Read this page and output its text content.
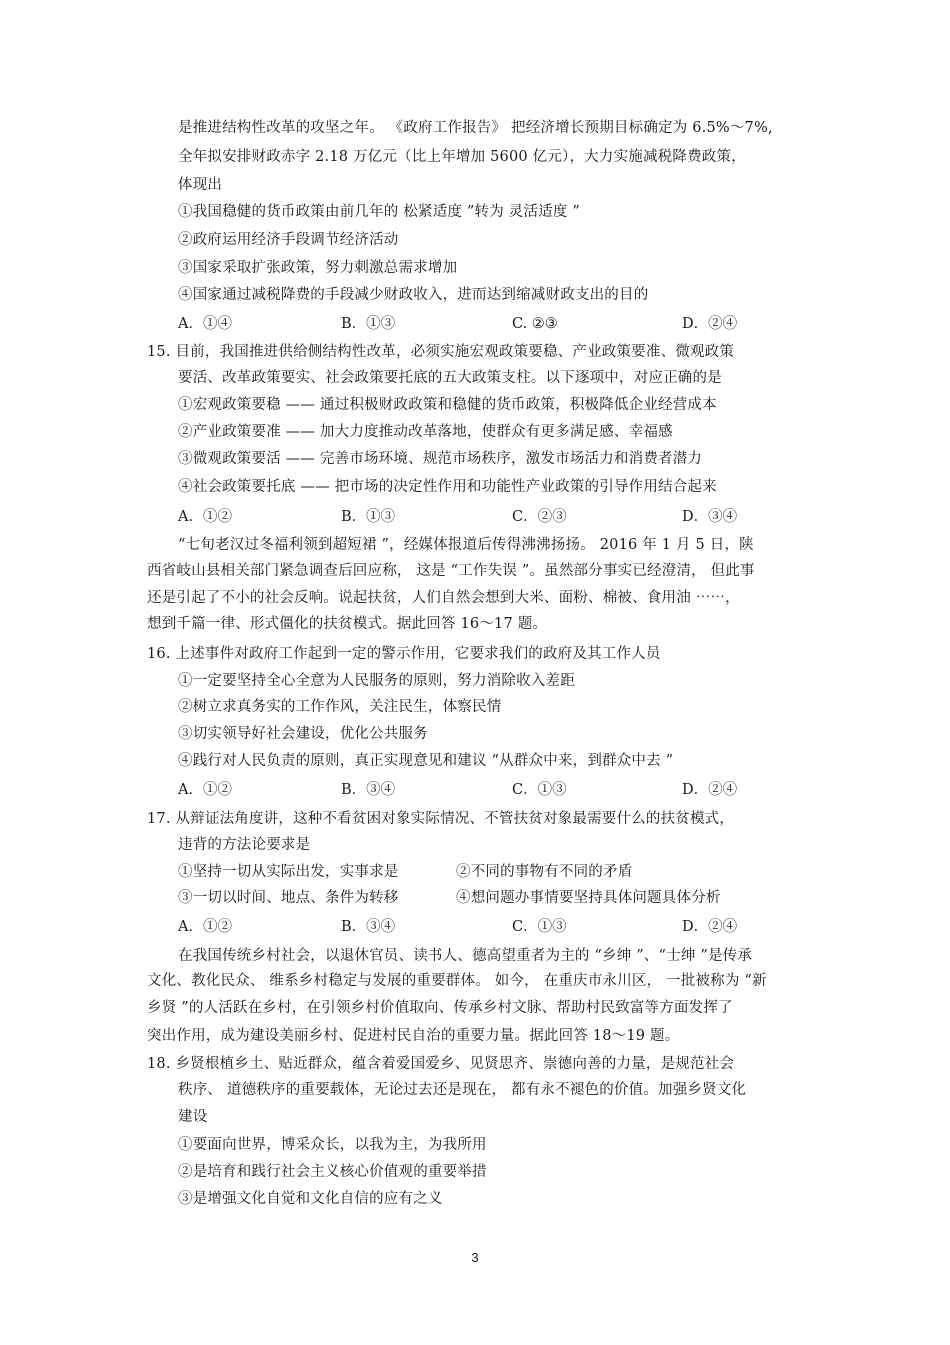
是推进结构性改革的攻坚之年。 《政府工作报告》 把经济增长预期目标确定为 6.5%～7%,
全年拟安排财政赤字 2.18 万亿元（比上年增加 5600 亿元），大力实施减税降费政策，
体现出
①我国稳健的货币政策由前几年的 松紧适度 ”转为 灵活适度 ”
②政府运用经济手段调节经济活动
③国家采取扩张政策，努力刺激总需求增加
④国家通过减税降费的手段减少财政收入，进而达到缩减财政支出的目的
A．①④	B．①③	C. ②③	D．②④
15. 目前，我国推进供给侧结构性改革，必须实施宏观政策要稳、产业政策要准、微观政策
要活、改革政策要实、社会政策要托底的五大政策支柱。以下逐项中，对应正确的是
①宏观政策要稳 —— 通过积极财政政策和稳健的货币政策，积极降低企业经营成本
②产业政策要准 —— 加大力度推动改革落地，使群众有更多满足感、幸福感
③微观政策要活 —— 完善市场环境、规范市场秩序，激发市场活力和消费者潜力
④社会政策要托底 —— 把市场的决定性作用和功能性产业政策的引导作用结合起来
A．①②	B．①③	C．②③	D．③④
“七旬老汉过冬福利领到超短裙 ”，经媒体报道后传得沸沸扬扬。 2016 年 1 月 5 日，陕
西省岐山县相关部门紧急调查后回应称， 这是 “工作失误 ”。虽然部分事实已经澄清， 但此事
还是引起了不小的社会反响。说起扶贫，人们自然会想到大米、面粉、棉被、食用油 ⋯⋯，
想到千篇一律、形式僵化的扶贫模式。据此回答 16～17 题。
16. 上述事件对政府工作起到一定的警示作用，它要求我们的政府及其工作人员
①一定要坚持全心全意为人民服务的原则，努力消除收入差距
②树立求真务实的工作作风，关注民生，体察民情
③切实领导好社会建设，优化公共服务
④践行对人民负责的原则，真正实现意见和建议 “从群众中来，到群众中去 ”
A．①②	B．③④	C．①③	D．②④
17. 从辩证法角度讲，这种不看贫困对象实际情况、不管扶贫对象最需要什么的扶贫模式，
违背的方法论要求是
①坚持一切从实际出发，实事求是	②不同的事物有不同的矛盾
③一切以时间、地点、条件为转移	④想问题办事情要坚持具体问题具体分析
A．①②	B．③④	C．①③	D．②④
在我国传统乡村社会，以退休官员、读书人、德高望重者为主的 “乡绅 ”、“士绅 ”是传承
文化、教化民众、 维系乡村稳定与发展的重要群体。 如今， 在重庆市永川区， 一批被称为 “新
乡贤 ”的人活跃在乡村，在引领乡村价值取向、传承乡村文脉、帮助村民致富等方面发挥了
突出作用，成为建设美丽乡村、促进村民自治的重要力量。据此回答 18～19 题。
18. 乡贤根植乡土、贴近群众，蕴含着爱国爱乡、见贤思齐、崇德向善的力量，是规范社会
秩序、 道德秩序的重要载体，无论过去还是现在， 都有永不褪色的价值。加强乡贤文化
建设
①要面向世界，博采众长，以我为主，为我所用
②是培育和践行社会主义核心价值观的重要举措
③是增强文化自觉和文化自信的应有之义
3
